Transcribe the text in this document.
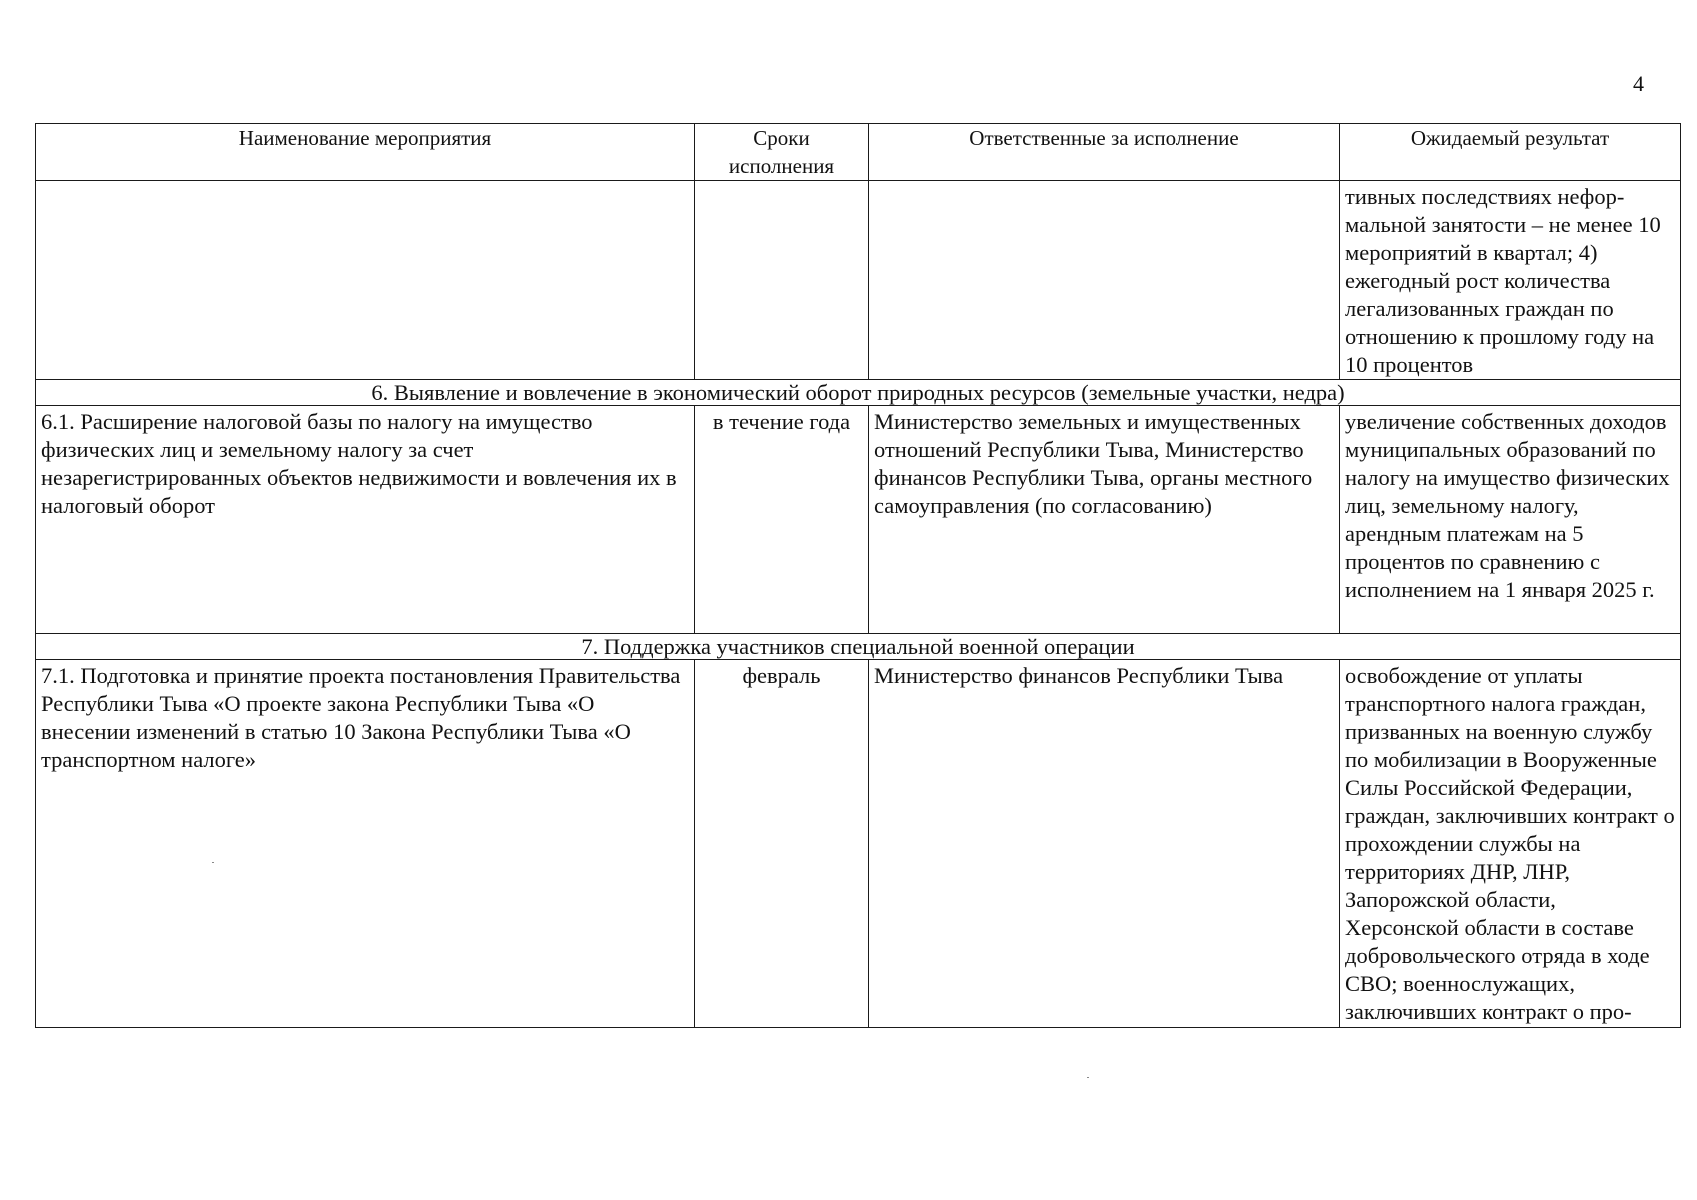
4
Наименование мероприятия	Сроки исполнения	Ответственные за исполнение	Ожидаемый результат
			тивных последствиях нефор-мальной занятости – не менее 10 мероприятий в квартал; 4) ежегодный рост количества легализованных граждан по отношению к прошлому году на 10 процентов
6. Выявление и вовлечение в экономический оборот природных ресурсов (земельные участки, недра)			
6.1. Расширение налоговой базы по налогу на имущество физических лиц и земельному налогу за счет незарегистрированных объектов недвижимости и вовлечения их в налоговый оборот	в течение года	Министерство земельных и имущественных отношений Республики Тыва, Министерство финансов Республики Тыва, органы местного самоуправления (по согласованию)	увеличение собственных доходов муниципальных образований по налогу на имущество физических лиц, земельному налогу, арендным платежам на 5 процентов по сравнению с исполнением на 1 января 2025 г.
7. Поддержка участников специальной военной операции			
7.1. Подготовка и принятие проекта постановления Правительства Республики Тыва «О проекте закона Республики Тыва «О внесении изменений в статью 10 Закона Республики Тыва «О транспортном налоге»	февраль	Министерство финансов Республики Тыва	освобождение от уплаты транспортного налога граждан, призванных на военную службу по мобилизации в Вооруженные Силы Российской Федерации, граждан, заключивших контракт о прохождении службы на территориях ДНР, ЛНР, Запорожской области, Херсонской области в составе добровольческого отряда в ходе СВО; военнослужащих, заключивших контракт о про-
